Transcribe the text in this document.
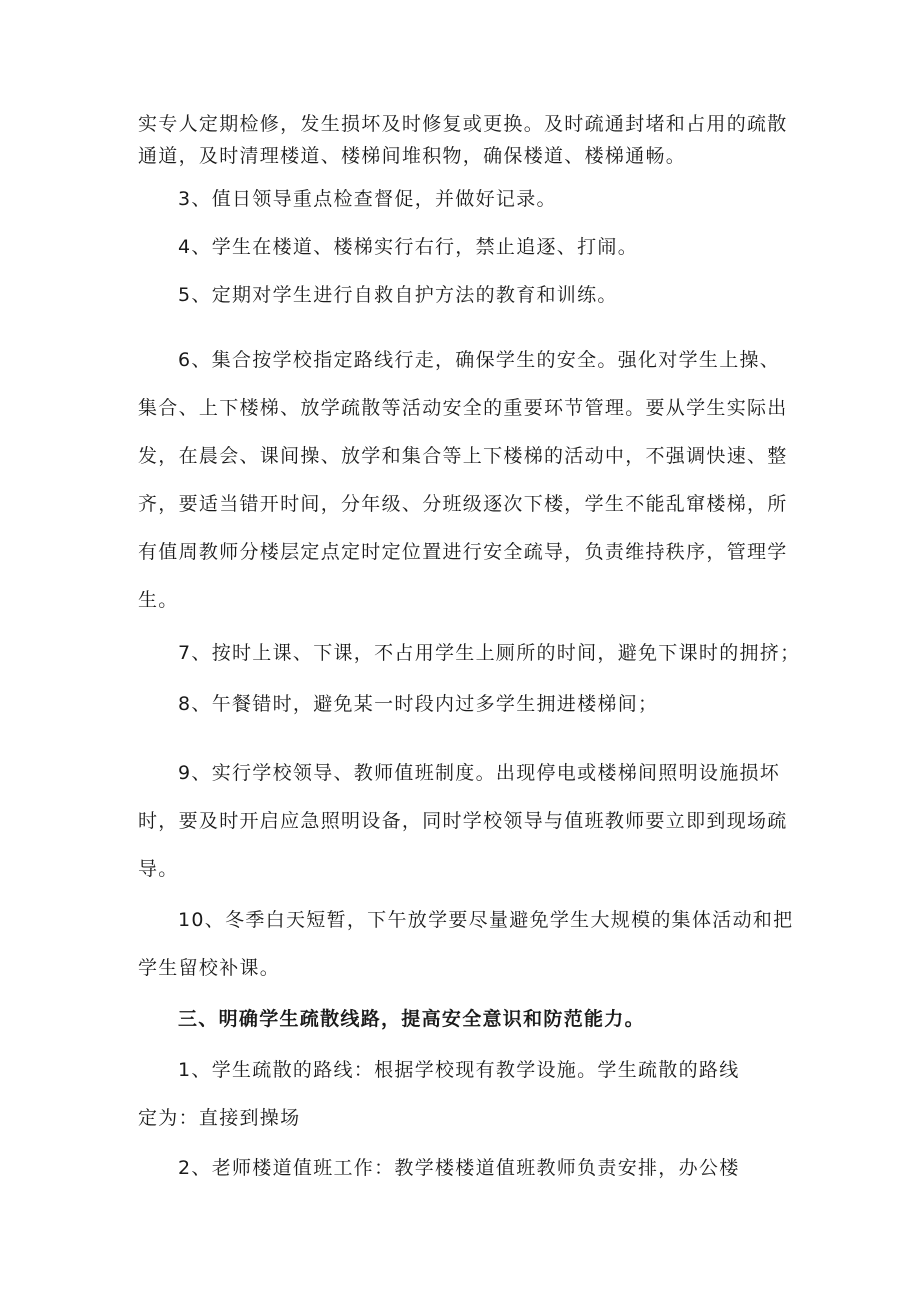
实专人定期检修，发生损坏及时修复或更换。及时疏通封堵和占用的疏散
通道，及时清理楼道、楼梯间堆积物，确保楼道、楼梯通畅。

3、值日领导重点检查督促，并做好记录。

4、学生在楼道、楼梯实行右行，禁止追逐、打闹。

5、定期对学生进行自救自护方法的教育和训练。

6、集合按学校指定路线行走，确保学生的安全。强化对学生上操、
集合、上下楼梯、放学疏散等活动安全的重要环节管理。要从学生实际出
发，在晨会、课间操、放学和集合等上下楼梯的活动中，不强调快速、整
齐，要适当错开时间，分年级、分班级逐次下楼，学生不能乱窜楼梯，所
有值周教师分楼层定点定时定位置进行安全疏导，负责维持秩序，管理学
生。

7、按时上课、下课，不占用学生上厕所的时间，避免下课时的拥挤；

8、午餐错时，避免某一时段内过多学生拥进楼梯间；

9、实行学校领导、教师值班制度。出现停电或楼梯间照明设施损坏
时，要及时开启应急照明设备，同时学校领导与值班教师要立即到现场疏
导。

10、冬季白天短暂，下午放学要尽量避免学生大规模的集体活动和把
学生留校补课。

三、明确学生疏散线路，提高安全意识和防范能力。

1、学生疏散的路线：根据学校现有教学设施。学生疏散的路线
定为：直接到操场

2、老师楼道值班工作：教学楼楼道值班教师负责安排，办公楼
